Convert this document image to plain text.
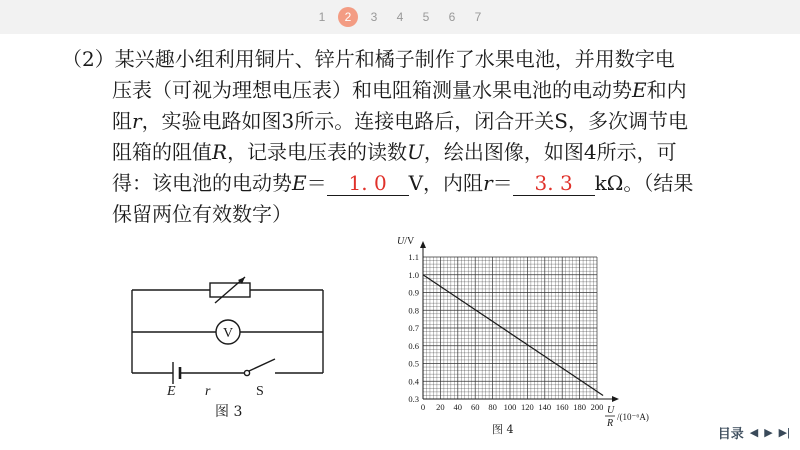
1	2	3 4 5 6 7

（2）某兴趣小组利用铜片、锌片和橘子制作了水果电池，并用数字电

压表（可视为理想电压表）和电阻箱测量水果电池的电动势E和内

阻r，实验电路如图3所示。连接电路后，闭合开关S，多次调节电

阻箱的阻值R，记录电压表的读数U，绘出图像，如图4所示，可

得：该电池的电动势E＝ 1. 0 V，内阻r＝ 3. 3 kΩ。（结果

保留两位有效数字）

V
E r	S
图 3	0 20 40 60 80 100 120 140 160 180 200
0.3
0.4
0.5
0.6
0.7
0.8
0.9
1.0
1.1
U/V
U
R
/(10⁻⁶A)
图 4	目录 ◀ ▶ ▶|
